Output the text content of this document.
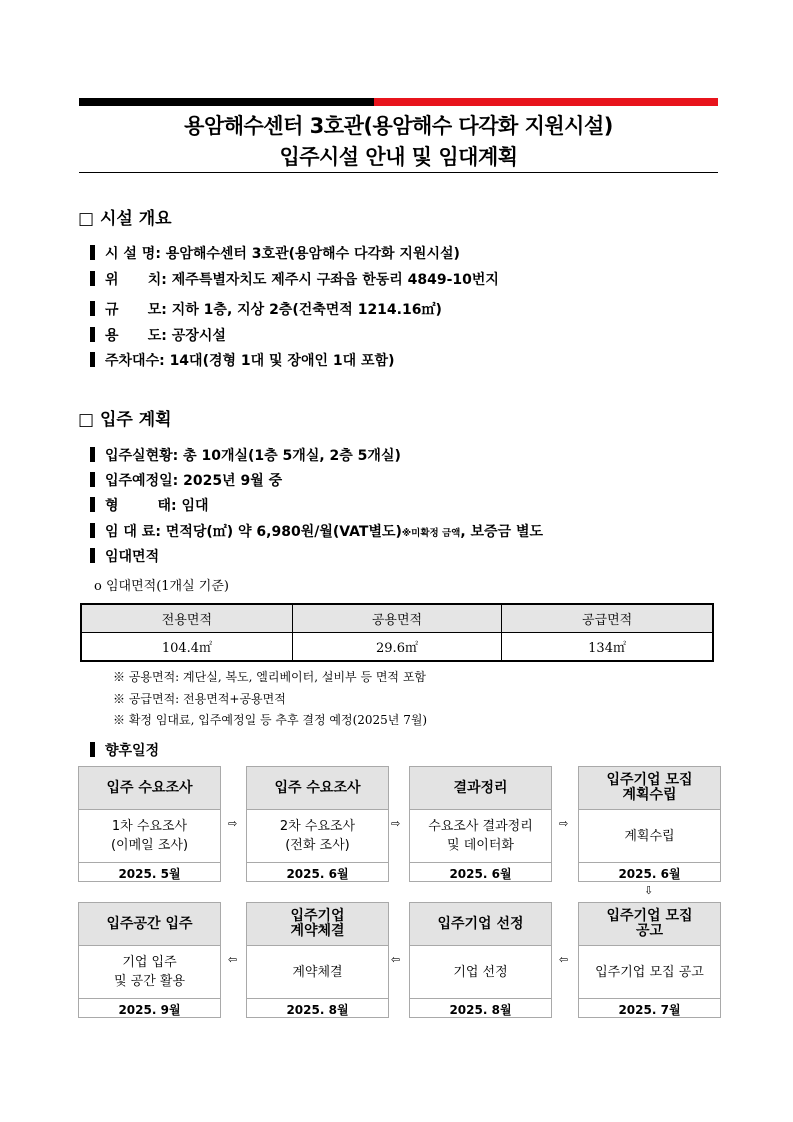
용암해수센터 3호관(용암해수 다각화 지원시설)
입주시설 안내 및 임대계획
□ 시설 개요
시 설 명: 용암해수센터 3호관(용암해수 다각화 지원시설)
위      치: 제주특별자치도 제주시 구좌읍 한동리 4849-10번지
규      모: 지하 1층, 지상 2층(건축면적 1214.16㎡)
용      도: 공장시설
주차대수: 14대(경형 1대 및 장애인 1대 포함)
□ 입주 계획
입주실현황: 총 10개실(1층 5개실, 2층 5개실)
입주예정일: 2025년 9월 중
형        태: 임대
임 대 료: 면적당(㎡) 약 6,980원/월(VAT별도)※미확정 금액, 보증금 별도
임대면적
o 임대면적(1개실 기준)
전용면적	공용면적	공급면적
104.4㎡	29.6㎡	134㎡
※ 공용면적: 계단실, 복도, 엘리베이터, 설비부 등 면적 포함
※ 공급면적: 전용면적+공용면적
※ 확정 임대료, 입주예정일 등 추후 결정 예정(2025년 7월)
향후일정
입주 수요조사
1차 수요조사
(이메일 조사)
2025. 5월
⇨
입주 수요조사
2차 수요조사
(전화 조사)
2025. 6월
⇨
결과정리
수요조사 결과정리
및 데이터화
2025. 6월
⇨
입주기업 모집
계획수립
계획수립
2025. 6월
⇩
입주공간 입주
기업 입주
및 공간 활용
2025. 9월
⇦
입주기업
계약체결
계약체결
2025. 8월
⇦
입주기업 선정
기업 선정
2025. 8월
⇦
입주기업 모집
공고
입주기업 모집 공고
2025. 7월
